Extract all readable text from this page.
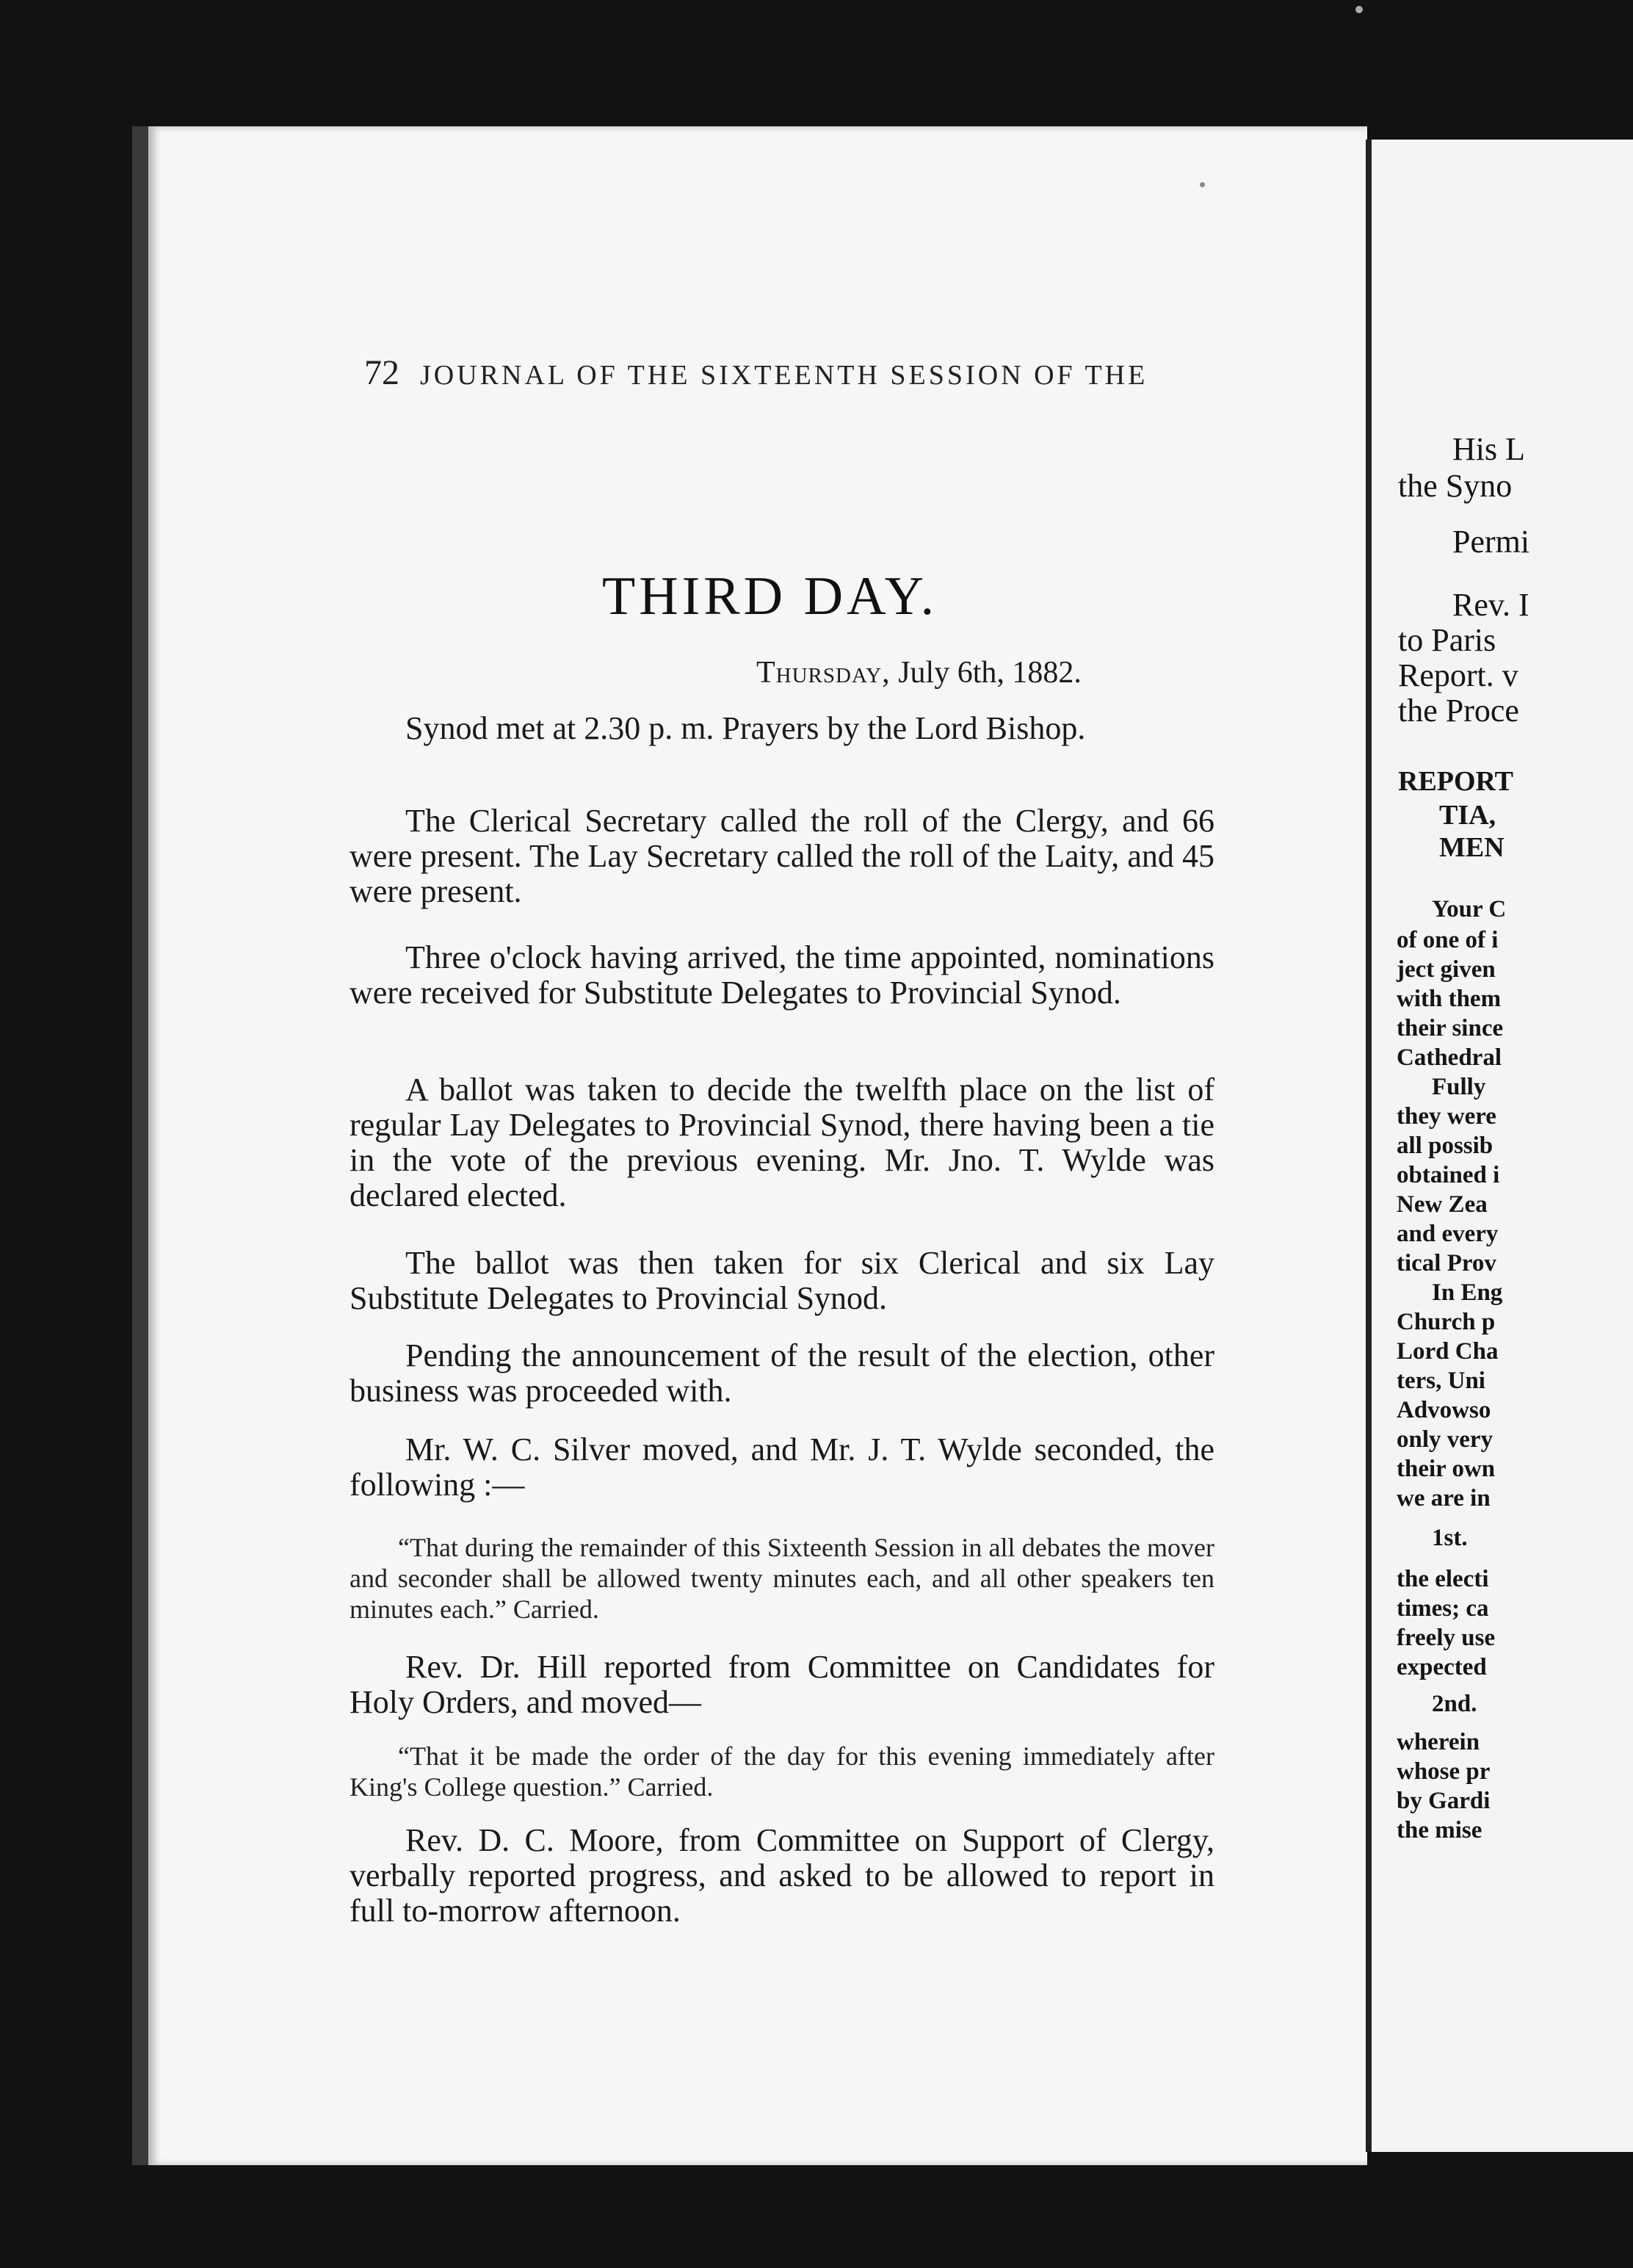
72 JOURNAL OF THE SIXTEENTH SESSION OF THE
THIRD DAY.
Thursday, July 6th, 1882.
Synod met at 2.30 p. m. Prayers by the Lord Bishop.
The Clerical Secretary called the roll of the Clergy, and 66 were present. The Lay Secretary called the roll of the Laity, and 45 were present.
Three o'clock having arrived, the time appointed, nominations were received for Substitute Delegates to Provincial Synod.
A ballot was taken to decide the twelfth place on the list of regular Lay Delegates to Provincial Synod, there having been a tie in the vote of the previous evening. Mr. Jno. T. Wylde was declared elected.
The ballot was then taken for six Clerical and six Lay Substitute Delegates to Provincial Synod.
Pending the announcement of the result of the election, other business was proceeded with.
Mr. W. C. Silver moved, and Mr. J. T. Wylde seconded, the following :—
“That during the remainder of this Sixteenth Session in all debates the mover and seconder shall be allowed twenty minutes each, and all other speakers ten minutes each.” Carried.
Rev. Dr. Hill reported from Committee on Candidates for Holy Orders, and moved—
“That it be made the order of the day for this evening immediately after King's College question.” Carried.
Rev. D. C. Moore, from Committee on Support of Clergy, verbally reported progress, and asked to be allowed to report in full to-morrow afternoon.
His L
the Syno
Permi
Rev. I
to Paris
Report. v
the Proce
REPORT
TIA,
MEN
Your C
of one of i
ject given
with them
their since
Cathedral
Fully
they were
all possib
obtained i
New Zea
and every
tical Prov
In Eng
Church p
Lord Cha
ters, Uni
Advowso
only very
their own
we are in
1st.
the electi
times; ca
freely use
expected
2nd.
wherein
whose pr
by Gardi
the mise
